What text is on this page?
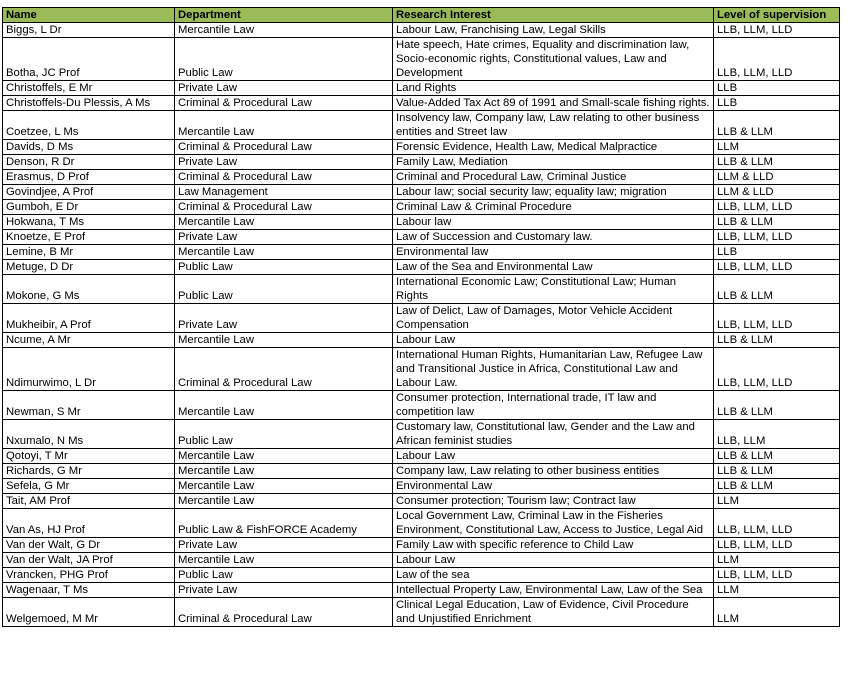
Name	Department	Research Interest	Level of supervision
Biggs, L Dr	Mercantile Law	Labour Law, Franchising Law, Legal Skills	LLB, LLM, LLD
Botha, JC Prof	Public Law	Hate speech, Hate crimes, Equality and discrimination law, Socio-economic rights, Constitutional values, Law and Development	LLB, LLM, LLD
Christoffels, E Mr	Private Law	Land Rights	LLB
Christoffels-Du Plessis, A Ms	Criminal & Procedural Law	Value-Added Tax Act 89 of 1991 and Small-scale fishing rights.	LLB
Coetzee, L Ms	Mercantile Law	Insolvency law, Company law, Law relating to other business entities and Street law	LLB & LLM
Davids, D Ms	Criminal & Procedural Law	Forensic Evidence, Health Law, Medical Malpractice	LLM
Denson, R Dr	Private Law	Family Law, Mediation	LLB & LLM
Erasmus, D Prof	Criminal & Procedural Law	Criminal and Procedural Law, Criminal Justice	LLM & LLD
Govindjee, A Prof	Law Management	Labour law; social security law; equality law; migration	LLM & LLD
Gumboh, E Dr	Criminal & Procedural Law	Criminal Law & Criminal Procedure	LLB, LLM, LLD
Hokwana, T Ms	Mercantile Law	Labour law	LLB & LLM
Knoetze, E Prof	Private Law	Law of Succession and Customary law.	LLB, LLM, LLD
Lemine, B Mr	Mercantile Law	Environmental law	LLB
Metuge, D Dr	Public Law	Law of the Sea and Environmental Law	LLB, LLM, LLD
Mokone, G Ms	Public Law	International Economic Law; Constitutional Law; Human Rights	LLB & LLM
Mukheibir, A Prof	Private Law	Law of Delict, Law of Damages, Motor Vehicle Accident Compensation	LLB, LLM, LLD
Ncume, A Mr	Mercantile Law	Labour Law	LLB & LLM
Ndimurwimo, L Dr	Criminal & Procedural Law	International Human Rights, Humanitarian Law, Refugee Law and Transitional Justice in Africa, Constitutional Law and Labour Law.	LLB, LLM, LLD
Newman, S Mr	Mercantile Law	Consumer protection, International trade, IT law and competition law	LLB & LLM
Nxumalo, N Ms	Public Law	Customary law, Constitutional law, Gender and the Law and African feminist studies	LLB, LLM
Qotoyi, T Mr	Mercantile Law	Labour Law	LLB & LLM
Richards, G Mr	Mercantile Law	Company law, Law relating to other business entities	LLB & LLM
Sefela, G Mr	Mercantile Law	Environmental Law	LLB & LLM
Tait, AM Prof	Mercantile Law	Consumer protection; Tourism law; Contract law	LLM
Van As, HJ Prof	Public Law & FishFORCE Academy	Local Government Law, Criminal Law in the Fisheries Environment, Constitutional Law, Access to Justice, Legal Aid	LLB, LLM, LLD
Van der Walt, G Dr	Private Law	Family Law with specific reference to Child Law	LLB, LLM, LLD
Van der Walt, JA Prof	Mercantile Law	Labour Law	LLM
Vrancken, PHG Prof	Public Law	Law of the sea	LLB, LLM, LLD
Wagenaar, T Ms	Private Law	Intellectual Property Law, Environmental Law, Law of the Sea	LLM
Welgemoed, M Mr	Criminal & Procedural Law	Clinical Legal Education, Law of Evidence, Civil Procedure and Unjustified Enrichment	LLM
